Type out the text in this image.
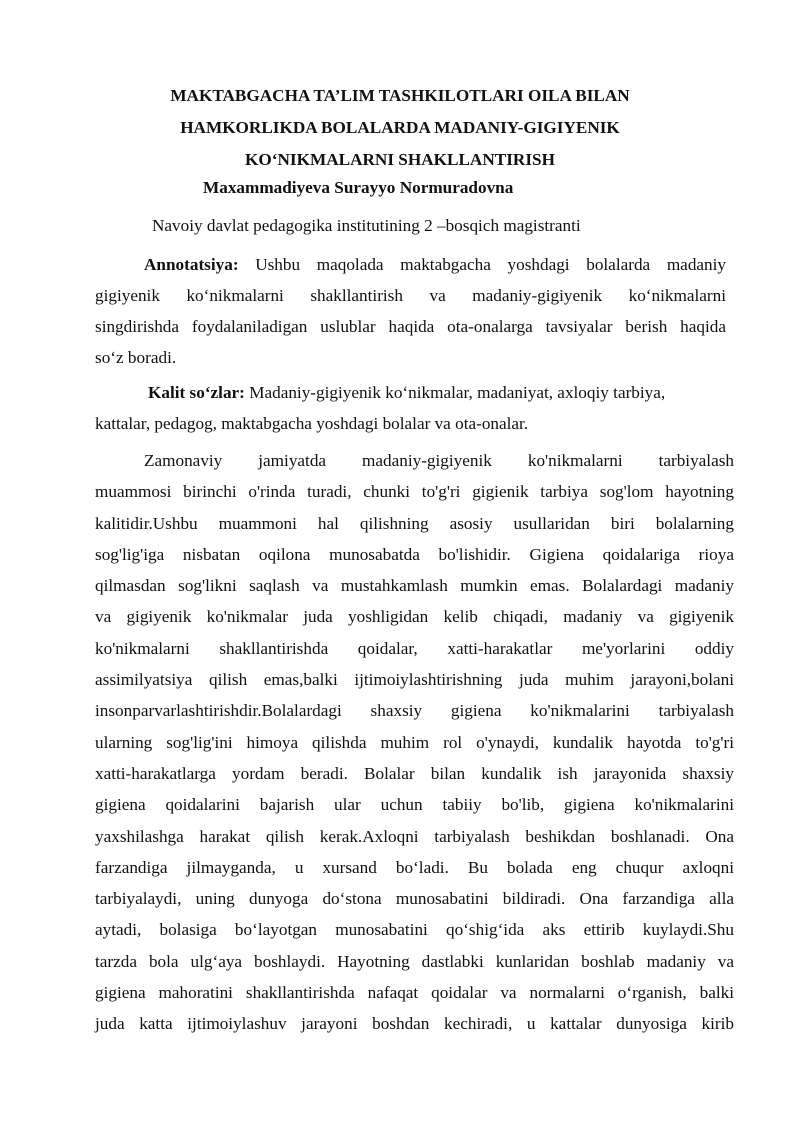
MAKTABGACHA TA’LIM TASHKILOTLARI OILA BILAN
HAMKORLIKDA BOLALARDA MADANIY-GIGIYENIK
KO‘NIKMALARNI SHAKLLANTIRISH
Maxammadiyeva Surayyo Normuradovna
Navoiy davlat pedagogika institutining 2 –bosqich magistranti
Annotatsiya: Ushbu maqolada maktabgacha yoshdagi bolalarda madaniy
gigiyenik ko‘nikmalarni shakllantirish va madaniy-gigiyenik ko‘nikmalarni
singdirishda foydalaniladigan uslublar haqida ota-onalarga tavsiyalar berish haqida
so‘z boradi.
Kalit so‘zlar: Madaniy-gigiyenik ko‘nikmalar, madaniyat, axloqiy tarbiya,
kattalar, pedagog, maktabgacha yoshdagi bolalar va ota-onalar.
Zamonaviy jamiyatda madaniy-gigiyenik ko'nikmalarni tarbiyalash
muammosi birinchi o'rinda turadi, chunki to'g'ri gigienik tarbiya sog'lom hayotning
kalitidir.Ushbu muammoni hal qilishning asosiy usullaridan biri bolalarning
sog'lig'iga nisbatan oqilona munosabatda bo'lishidir. Gigiena qoidalariga rioya
qilmasdan sog'likni saqlash va mustahkamlash mumkin emas. Bolalardagi madaniy
va gigiyenik ko'nikmalar juda yoshligidan kelib chiqadi, madaniy va gigiyenik
ko'nikmalarni shakllantirishda qoidalar, xatti-harakatlar me'yorlarini oddiy
assimilyatsiya qilish emas,balki ijtimoiylashtirishning juda muhim jarayoni,bolani
insonparvarlashtirishdir.Bolalardagi shaxsiy gigiena ko'nikmalarini tarbiyalash
ularning sog'lig'ini himoya qilishda muhim rol o'ynaydi, kundalik hayotda to'g'ri
xatti-harakatlarga yordam beradi. Bolalar bilan kundalik ish jarayonida shaxsiy
gigiena qoidalarini bajarish ular uchun tabiiy bo'lib, gigiena ko'nikmalarini
yaxshilashga harakat qilish kerak.Axloqni tarbiyalash beshikdan boshlanadi. Ona
farzandiga jilmayganda, u xursand bo‘ladi. Bu bolada eng chuqur axloqni
tarbiyalaydi, uning dunyoga do‘stona munosabatini bildiradi. Ona farzandiga alla
aytadi, bolasiga bo‘layotgan munosabatini qo‘shig‘ida aks ettirib kuylaydi.Shu
tarzda bola ulg‘aya boshlaydi. Hayotning dastlabki kunlaridan boshlab madaniy va
gigiena mahoratini shakllantirishda nafaqat qoidalar va normalarni o‘rganish, balki
juda katta ijtimoiylashuv jarayoni boshdan kechiradi, u kattalar dunyosiga kirib
